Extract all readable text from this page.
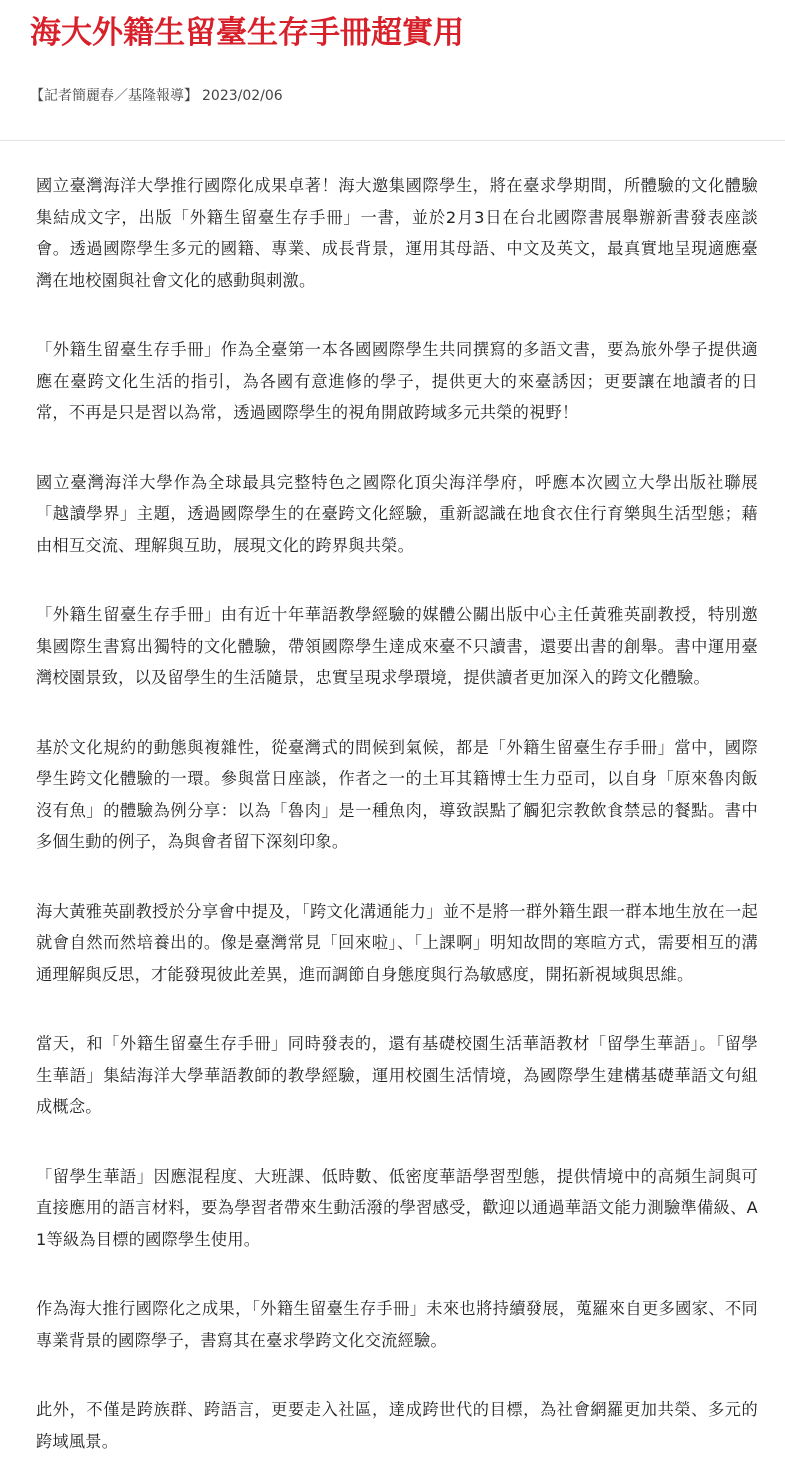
海大外籍生留臺生存手冊超實用
【記者簡麗春／基隆報導】 2023/02/06

國立臺灣海洋大學推行國際化成果卓著！海大邀集國際學生，將在臺求學期間，所體驗的文化體驗集結成文字，出版「外籍生留臺生存手冊」一書，並於2月3日在台北國際書展舉辦新書發表座談會。透過國際學生多元的國籍、專業、成長背景，運用其母語、中文及英文，最真實地呈現適應臺灣在地校園與社會文化的感動與刺激。

「外籍生留臺生存手冊」作為全臺第一本各國國際學生共同撰寫的多語文書，要為旅外學子提供適應在臺跨文化生活的指引，為各國有意進修的學子，提供更大的來臺誘因；更要讓在地讀者的日常，不再是只是習以為常，透過國際學生的視角開啟跨域多元共榮的視野！

國立臺灣海洋大學作為全球最具完整特色之國際化頂尖海洋學府，呼應本次國立大學出版社聯展「越讀學界」主題，透過國際學生的在臺跨文化經驗，重新認識在地食衣住行育樂與生活型態；藉由相互交流、理解與互助，展現文化的跨界與共榮。

「外籍生留臺生存手冊」由有近十年華語教學經驗的媒體公關出版中心主任黃雅英副教授，特別邀集國際生書寫出獨特的文化體驗，帶領國際學生達成來臺不只讀書，還要出書的創舉。書中運用臺灣校園景致，以及留學生的生活隨景，忠實呈現求學環境，提供讀者更加深入的跨文化體驗。

基於文化規約的動態與複雜性，從臺灣式的問候到氣候，都是「外籍生留臺生存手冊」當中，國際學生跨文化體驗的一環。參與當日座談，作者之一的土耳其籍博士生力亞司，以自身「原來魯肉飯沒有魚」的體驗為例分享：以為「魯肉」是一種魚肉，導致誤點了觸犯宗教飲食禁忌的餐點。書中多個生動的例子，為與會者留下深刻印象。

海大黃雅英副教授於分享會中提及，「跨文化溝通能力」並不是將一群外籍生跟一群本地生放在一起就會自然而然培養出的。像是臺灣常見「回來啦」、「上課啊」明知故問的寒暄方式，需要相互的溝通理解與反思，才能發現彼此差異，進而調節自身態度與行為敏感度，開拓新視域與思維。

當天，和「外籍生留臺生存手冊」同時發表的，還有基礎校園生活華語教材「留學生華語」。「留學生華語」集結海洋大學華語教師的教學經驗，運用校園生活情境，為國際學生建構基礎華語文句組成概念。

「留學生華語」因應混程度、大班課、低時數、低密度華語學習型態，提供情境中的高頻生詞與可直接應用的語言材料，要為學習者帶來生動活潑的學習感受，歡迎以通過華語文能力測驗準備級、A1等級為目標的國際學生使用。

作為海大推行國際化之成果，「外籍生留臺生存手冊」未來也將持續發展，蒐羅來自更多國家、不同專業背景的國際學子，書寫其在臺求學跨文化交流經驗。

此外，不僅是跨族群、跨語言，更要走入社區，達成跨世代的目標，為社會網羅更加共榮、多元的跨域風景。
